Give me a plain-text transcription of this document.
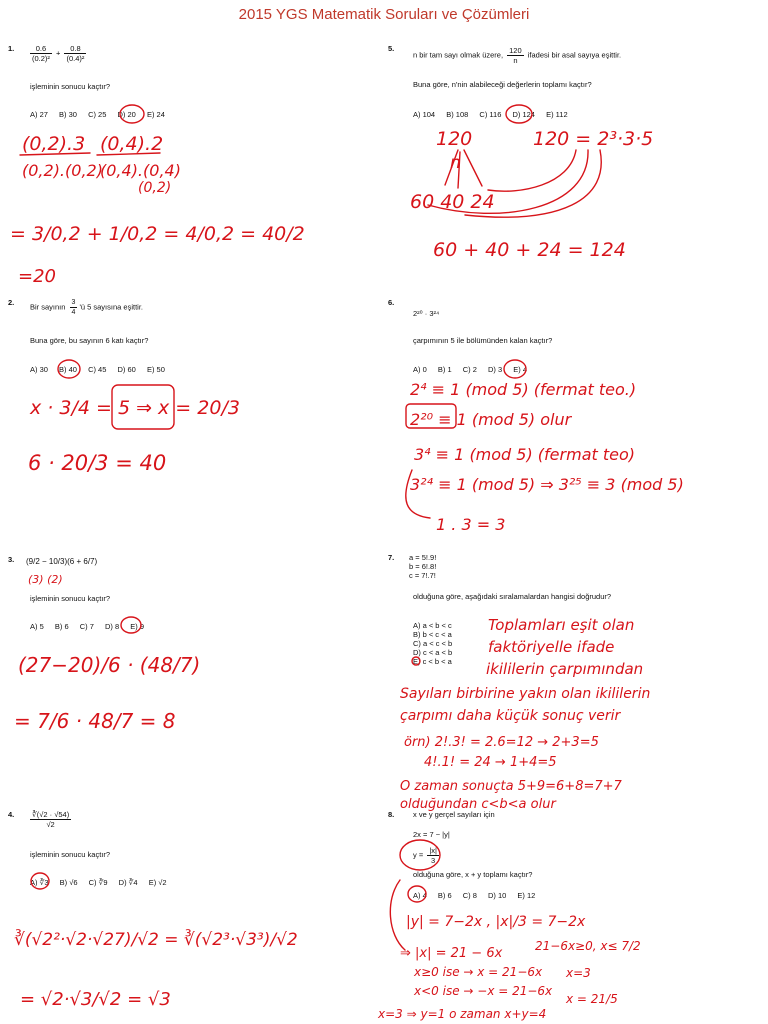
2015 YGS Matematik Soruları ve Çözümleri
1. $\frac{0.6}{\text{(0.2)²}} + \frac{0.8}{\text{(0.4)²}}$
işleminin sonucu kaçtır?
A) 27 B) 30 C) 25 D) 20 E) 24
2. Bir sayının $\frac{3}{4}$ 'ü 5 sayısına eşittir.
Buna göre, bu sayının 6 katı kaçtır?
A) 30 B) 40 C) 45 D) 60 E) 50
3. (9/2 − 10/3)(6 + 6/7)
işleminin sonucu kaçtır?
A) 5 B) 6 C) 7 D) 8 E) 9
4. $\frac{∛(√2 \cdot √54)}{√2}$
işleminin sonucu kaçtır?
A) ∛3 B) √6 C) ∛9 D) ∛4 E) √2
5.
n bir tam sayı olmak üzere, $\frac{120}{n}$ ifadesi bir asal sayıya eşittir.
Buna göre, n'nin alabileceği değerlerin toplamı kaçtır?
A) 104 B) 108 C) 116 D) 124 E) 112
6.
2²⁰ · 3²⁴
çarpımının 5 ile bölümünden kalan kaçtır?
A) 0 B) 1 C) 2 D) 3 E) 4
7. a = 5!.9!
b = 6!.8!
c = 7!.7!
olduğuna göre, aşağıdaki sıralamalardan hangisi doğrudur?
A) a < b < c
B) b < c < a
C) a < c < b
D) c < a < b
E) c < b < a
8. x ve y gerçel sayıları için
2x = 7 − |y|
$y = \frac{|x|}{3}$
olduğuna göre, x + y toplamı kaçtır?
A) 4 B) 6 C) 8 D) 10 E) 12
(0,2).3
(0,2).(0,2)
(0,4).2
(0,4).(0,4)
(0,2)
= 3/0,2 + 1/0,2 = 4/0,2 = 40/2
=20
x · 3/4 = 5 ⇒ x = 20/3
6 · 20/3 = 40
(3) (2)
(27−20)/6 · (48/7)
= 7/6 · 48/7 = 8
∛(√2²·√2·√27)/√2 = ∛(√2³·√3³)/√2
= √2·√3/√2 = √3
120
n
120 = 2³·3·5
60 40 24
60 + 40 + 24 = 124
2⁴ ≡ 1 (mod 5) (fermat teo.)
2²⁰ ≡ 1 (mod 5) olur
3⁴ ≡ 1 (mod 5) (fermat teo)
3²⁴ ≡ 1 (mod 5) ⇒ 3²⁵ ≡ 3 (mod 5)
1 . 3 = 3
Toplamları eşit olan
faktöriyelle ifade
ikililerin çarpımından
Sayıları birbirine yakın olan ikililerin
çarpımı daha küçük sonuç verir
örn) 2!.3! = 2.6=12 → 2+3=5
4!.1! = 24 → 1+4=5
O zaman sonuçta 5+9=6+8=7+7
olduğundan c<b<a olur
|y| = 7−2x , |x|/3 = 7−2x
⇒ |x| = 21 − 6x	21−6x≥0, x≤ 7/2
x≥0 ise → x = 21−6x x=3
x<0 ise → −x = 21−6x
x = 21/5
x=3 ⇒ y=1 o zaman x+y=4
